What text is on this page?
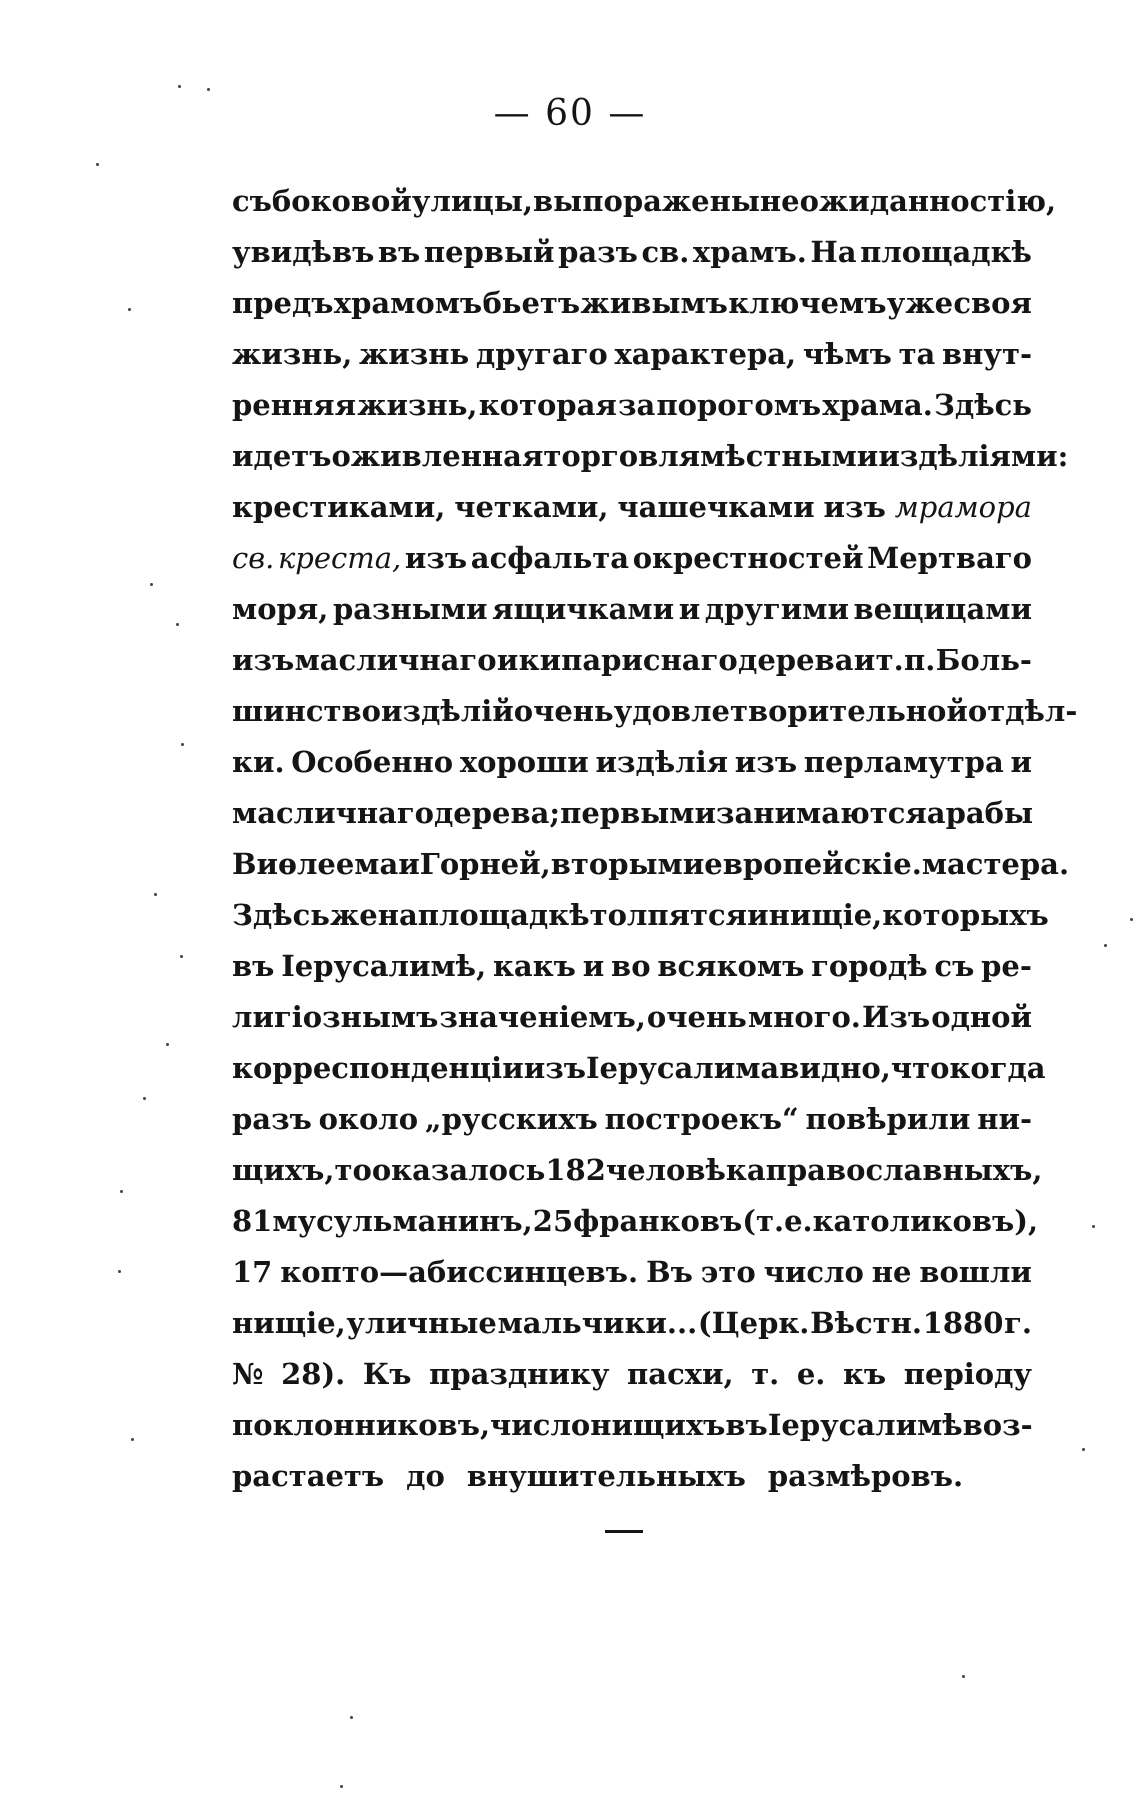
— 60 —
съ боковой улицы, вы поражены неожиданностію,
увидѣвъ въ первый разъ св. храмъ. На площадкѣ
предъ храмомъ бьетъ живымъ ключемъ уже своя
жизнь, жизнь другаго характера, чѣмъ та внут-
ренняя жизнь, которая за порогомъ храма. Здѣсь
идетъ оживленная торговля мѣстными издѣліями:
крестиками, четками, чашечками изъ мрамора
св. креста, изъ асфальта окрестностей Мертваго
моря, разными ящичками и другими вещицами
изъ масличнаго и кипариснаго дерева и т. п. Боль-
шинство издѣлій очень удовлетворительной отдѣл-
ки. Особенно хороши издѣлія изъ перламутра и
масличнаго дерева; первыми занимаются арабы
Виѳлеема и Горней, вторыми европейскіе. мастера.
Здѣсь же на площадкѣ толпятся и нищіе, которыхъ
въ Іерусалимѣ, какъ и во всякомъ городѣ съ ре-
лигіознымъ значеніемъ, очень много. Изъ одной
корреспонденціи изъ Іерусалима видно, что когда
разъ около „русскихъ построекъ“ повѣрили ни-
щихъ, то оказалось 182 человѣка православныхъ,
81 мусульманинъ, 25 франковъ (т. е. католиковъ),
17 копто—абиссинцевъ. Въ это число не вошли
нищіе, уличные мальчики... (Церк. Вѣстн. 1880 г.
№ 28). Къ празднику пасхи, т. е. къ періоду
поклонниковъ, число нищихъ въ Іерусалимѣ воз-
растаетъ до внушительныхъ размѣровъ.
